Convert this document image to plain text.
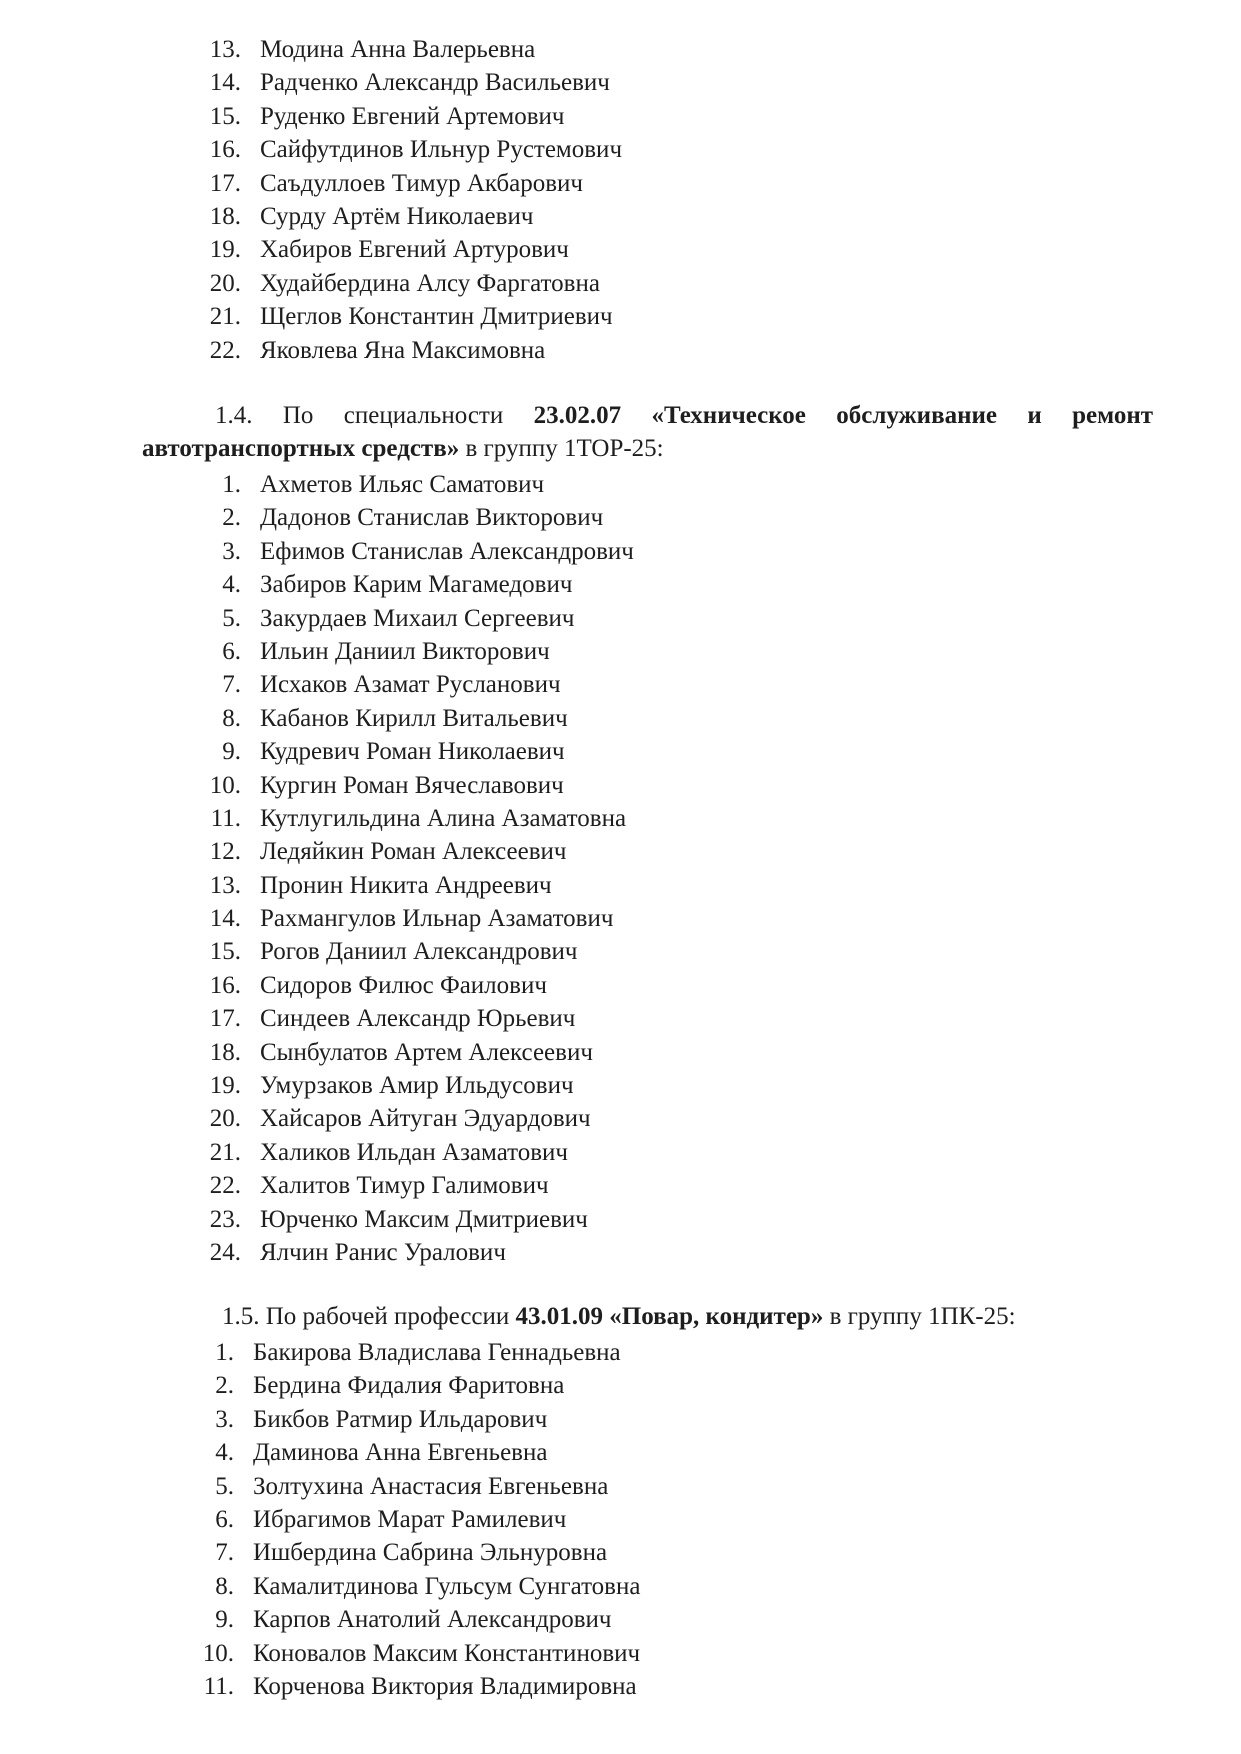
13. Модина Анна Валерьевна
14. Радченко Александр Васильевич
15. Руденко Евгений Артемович
16. Сайфутдинов Ильнур Рустемович
17. Саъдуллоев Тимур Акбарович
18. Сурду Артём Николаевич
19. Хабиров Евгений Артурович
20. Худайбердина Алсу Фаргатовна
21. Щеглов Константин Дмитриевич
22. Яковлева Яна Максимовна

1.4. По специальности 23.02.07 «Техническое обслуживание и ремонт

автотранспортных средств» в группу 1ТОР-25:

1. Ахметов Ильяс Саматович
2. Дадонов Станислав Викторович
3. Ефимов Станислав Александрович
4. Забиров Карим Магамедович
5. Закурдаев Михаил Сергеевич
6. Ильин Даниил Викторович
7. Исхаков Азамат Русланович
8. Кабанов Кирилл Витальевич
9. Кудревич Роман Николаевич
10. Кургин Роман Вячеславович
11. Кутлугильдина Алина Азаматовна
12. Ледяйкин Роман Алексеевич
13. Пронин Никита Андреевич
14. Рахмангулов Ильнар Азаматович
15. Рогов Даниил Александрович
16. Сидоров Филюс Фаилович
17. Синдеев Александр Юрьевич
18. Сынбулатов Артем Алексеевич
19. Умурзаков Амир Ильдусович
20. Хайсаров Айтуган Эдуардович
21. Халиков Ильдан Азаматович
22. Халитов Тимур Галимович
23. Юрченко Максим Дмитриевич
24. Ялчин Ранис Уралович

1.5. По рабочей профессии 43.01.09 «Повар, кондитер» в группу 1ПК-25:

1. Бакирова Владислава Геннадьевна
2. Бердина Фидалия Фаритовна
3. Бикбов Ратмир Ильдарович
4. Даминова Анна Евгеньевна
5. Золтухина Анастасия Евгеньевна
6. Ибрагимов Марат Рамилевич
7. Ишбердина Сабрина Эльнуровна
8. Камалитдинова Гульсум Сунгатовна
9. Карпов Анатолий Александрович
10. Коновалов Максим Константинович
11. Корченова Виктория Владимировна
